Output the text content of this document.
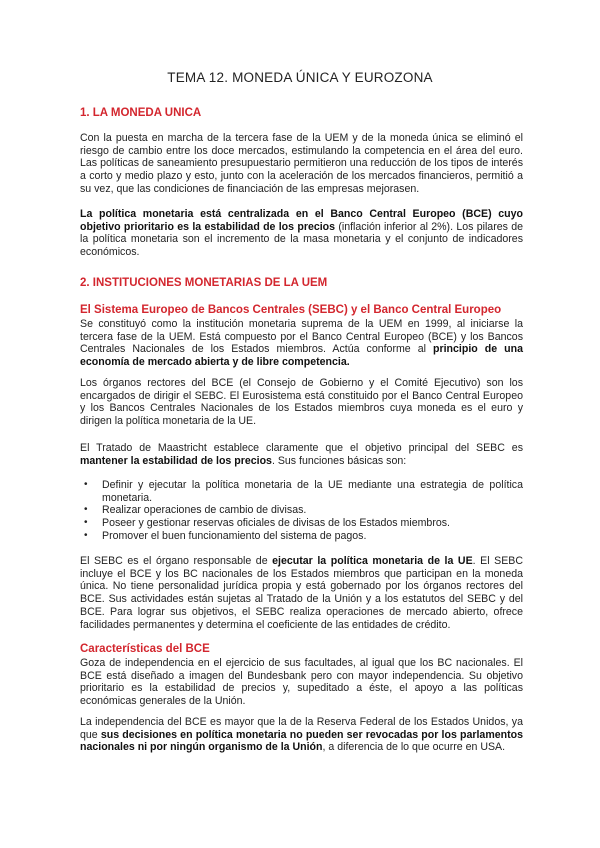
TEMA 12. MONEDA ÚNICA Y EUROZONA
1. LA MONEDA UNICA
Con la puesta en marcha de la tercera fase de la UEM y de la moneda única se eliminó el riesgo de cambio entre los doce mercados, estimulando la competencia en el área del euro. Las políticas de saneamiento presupuestario permitieron una reducción de los tipos de interés a corto y medio plazo y esto, junto con la aceleración de los mercados financieros, permitió a su vez, que las condiciones de financiación de las empresas mejorasen.
La política monetaria está centralizada en el Banco Central Europeo (BCE) cuyo objetivo prioritario es la estabilidad de los precios (inflación inferior al 2%). Los pilares de la política monetaria son el incremento de la masa monetaria y el conjunto de indicadores económicos.
2. INSTITUCIONES MONETARIAS DE LA UEM
El Sistema Europeo de Bancos Centrales (SEBC) y el Banco Central Europeo
Se constituyó como la institución monetaria suprema de la UEM en 1999, al iniciarse la tercera fase de la UEM. Está compuesto por el Banco Central Europeo (BCE) y los Bancos Centrales Nacionales de los Estados miembros. Actúa conforme al principio de una economía de mercado abierta y de libre competencia.
Los órganos rectores del BCE (el Consejo de Gobierno y el Comité Ejecutivo) son los encargados de dirigir el SEBC. El Eurosistema está constituido por el Banco Central Europeo y los Bancos Centrales Nacionales de los Estados miembros cuya moneda es el euro y dirigen la política monetaria de la UE.
El Tratado de Maastricht establece claramente que el objetivo principal del SEBC es mantener la estabilidad de los precios. Sus funciones básicas son:
• Definir y ejecutar la política monetaria de la UE mediante una estrategia de política monetaria.
• Realizar operaciones de cambio de divisas.
• Poseer y gestionar reservas oficiales de divisas de los Estados miembros.
• Promover el buen funcionamiento del sistema de pagos.
El SEBC es el órgano responsable de ejecutar la política monetaria de la UE. El SEBC incluye el BCE y los BC nacionales de los Estados miembros que participan en la moneda única. No tiene personalidad jurídica propia y está gobernado por los órganos rectores del BCE. Sus actividades están sujetas al Tratado de la Unión y a los estatutos del SEBC y del BCE. Para lograr sus objetivos, el SEBC realiza operaciones de mercado abierto, ofrece facilidades permanentes y determina el coeficiente de las entidades de crédito.
Características del BCE
Goza de independencia en el ejercicio de sus facultades, al igual que los BC nacionales. El BCE está diseñado a imagen del Bundesbank pero con mayor independencia. Su objetivo prioritario es la estabilidad de precios y, supeditado a éste, el apoyo a las políticas económicas generales de la Unión.
La independencia del BCE es mayor que la de la Reserva Federal de los Estados Unidos, ya que sus decisiones en política monetaria no pueden ser revocadas por los parlamentos nacionales ni por ningún organismo de la Unión, a diferencia de lo que ocurre en USA.
